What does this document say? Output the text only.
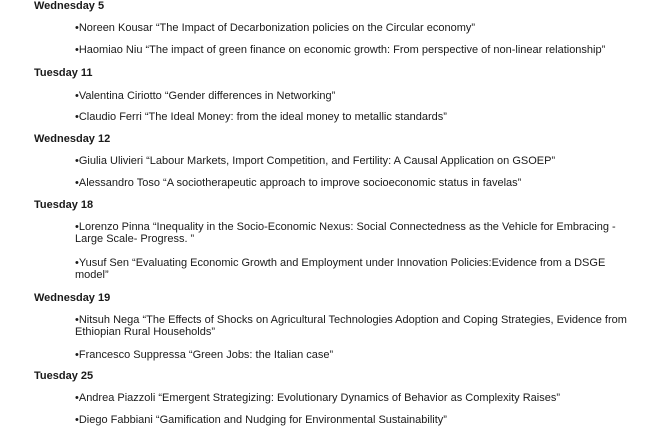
Wednesday 5
•Noreen Kousar “The Impact of Decarbonization policies on the Circular economy”
•Haomiao Niu “The impact of green finance on economic growth: From perspective of non-linear relationship”
Tuesday 11
•Valentina Ciriotto “Gender differences in Networking”
•Claudio Ferri “The Ideal Money: from the ideal money to metallic standards”
Wednesday 12
•Giulia Ulivieri “Labour Markets, Import Competition, and Fertility: A Causal Application on GSOEP”
•Alessandro Toso “A sociotherapeutic approach to improve socioeconomic status in favelas”
Tuesday 18
•Lorenzo Pinna “Inequality in the Socio-Economic Nexus: Social Connectedness as the Vehicle for Embracing -Large Scale- Progress. ”
•Yusuf Sen “Evaluating Economic Growth and Employment under Innovation Policies:Evidence from a DSGE model”
Wednesday 19
•Nitsuh Nega “The Effects of Shocks on Agricultural Technologies Adoption and Coping Strategies, Evidence from Ethiopian Rural Households”
•Francesco Suppressa “Green Jobs: the Italian case”
Tuesday 25
•Andrea Piazzoli “Emergent Strategizing: Evolutionary Dynamics of Behavior as Complexity Raises”
•Diego Fabbiani “Gamification and Nudging for Environmental Sustainability”
